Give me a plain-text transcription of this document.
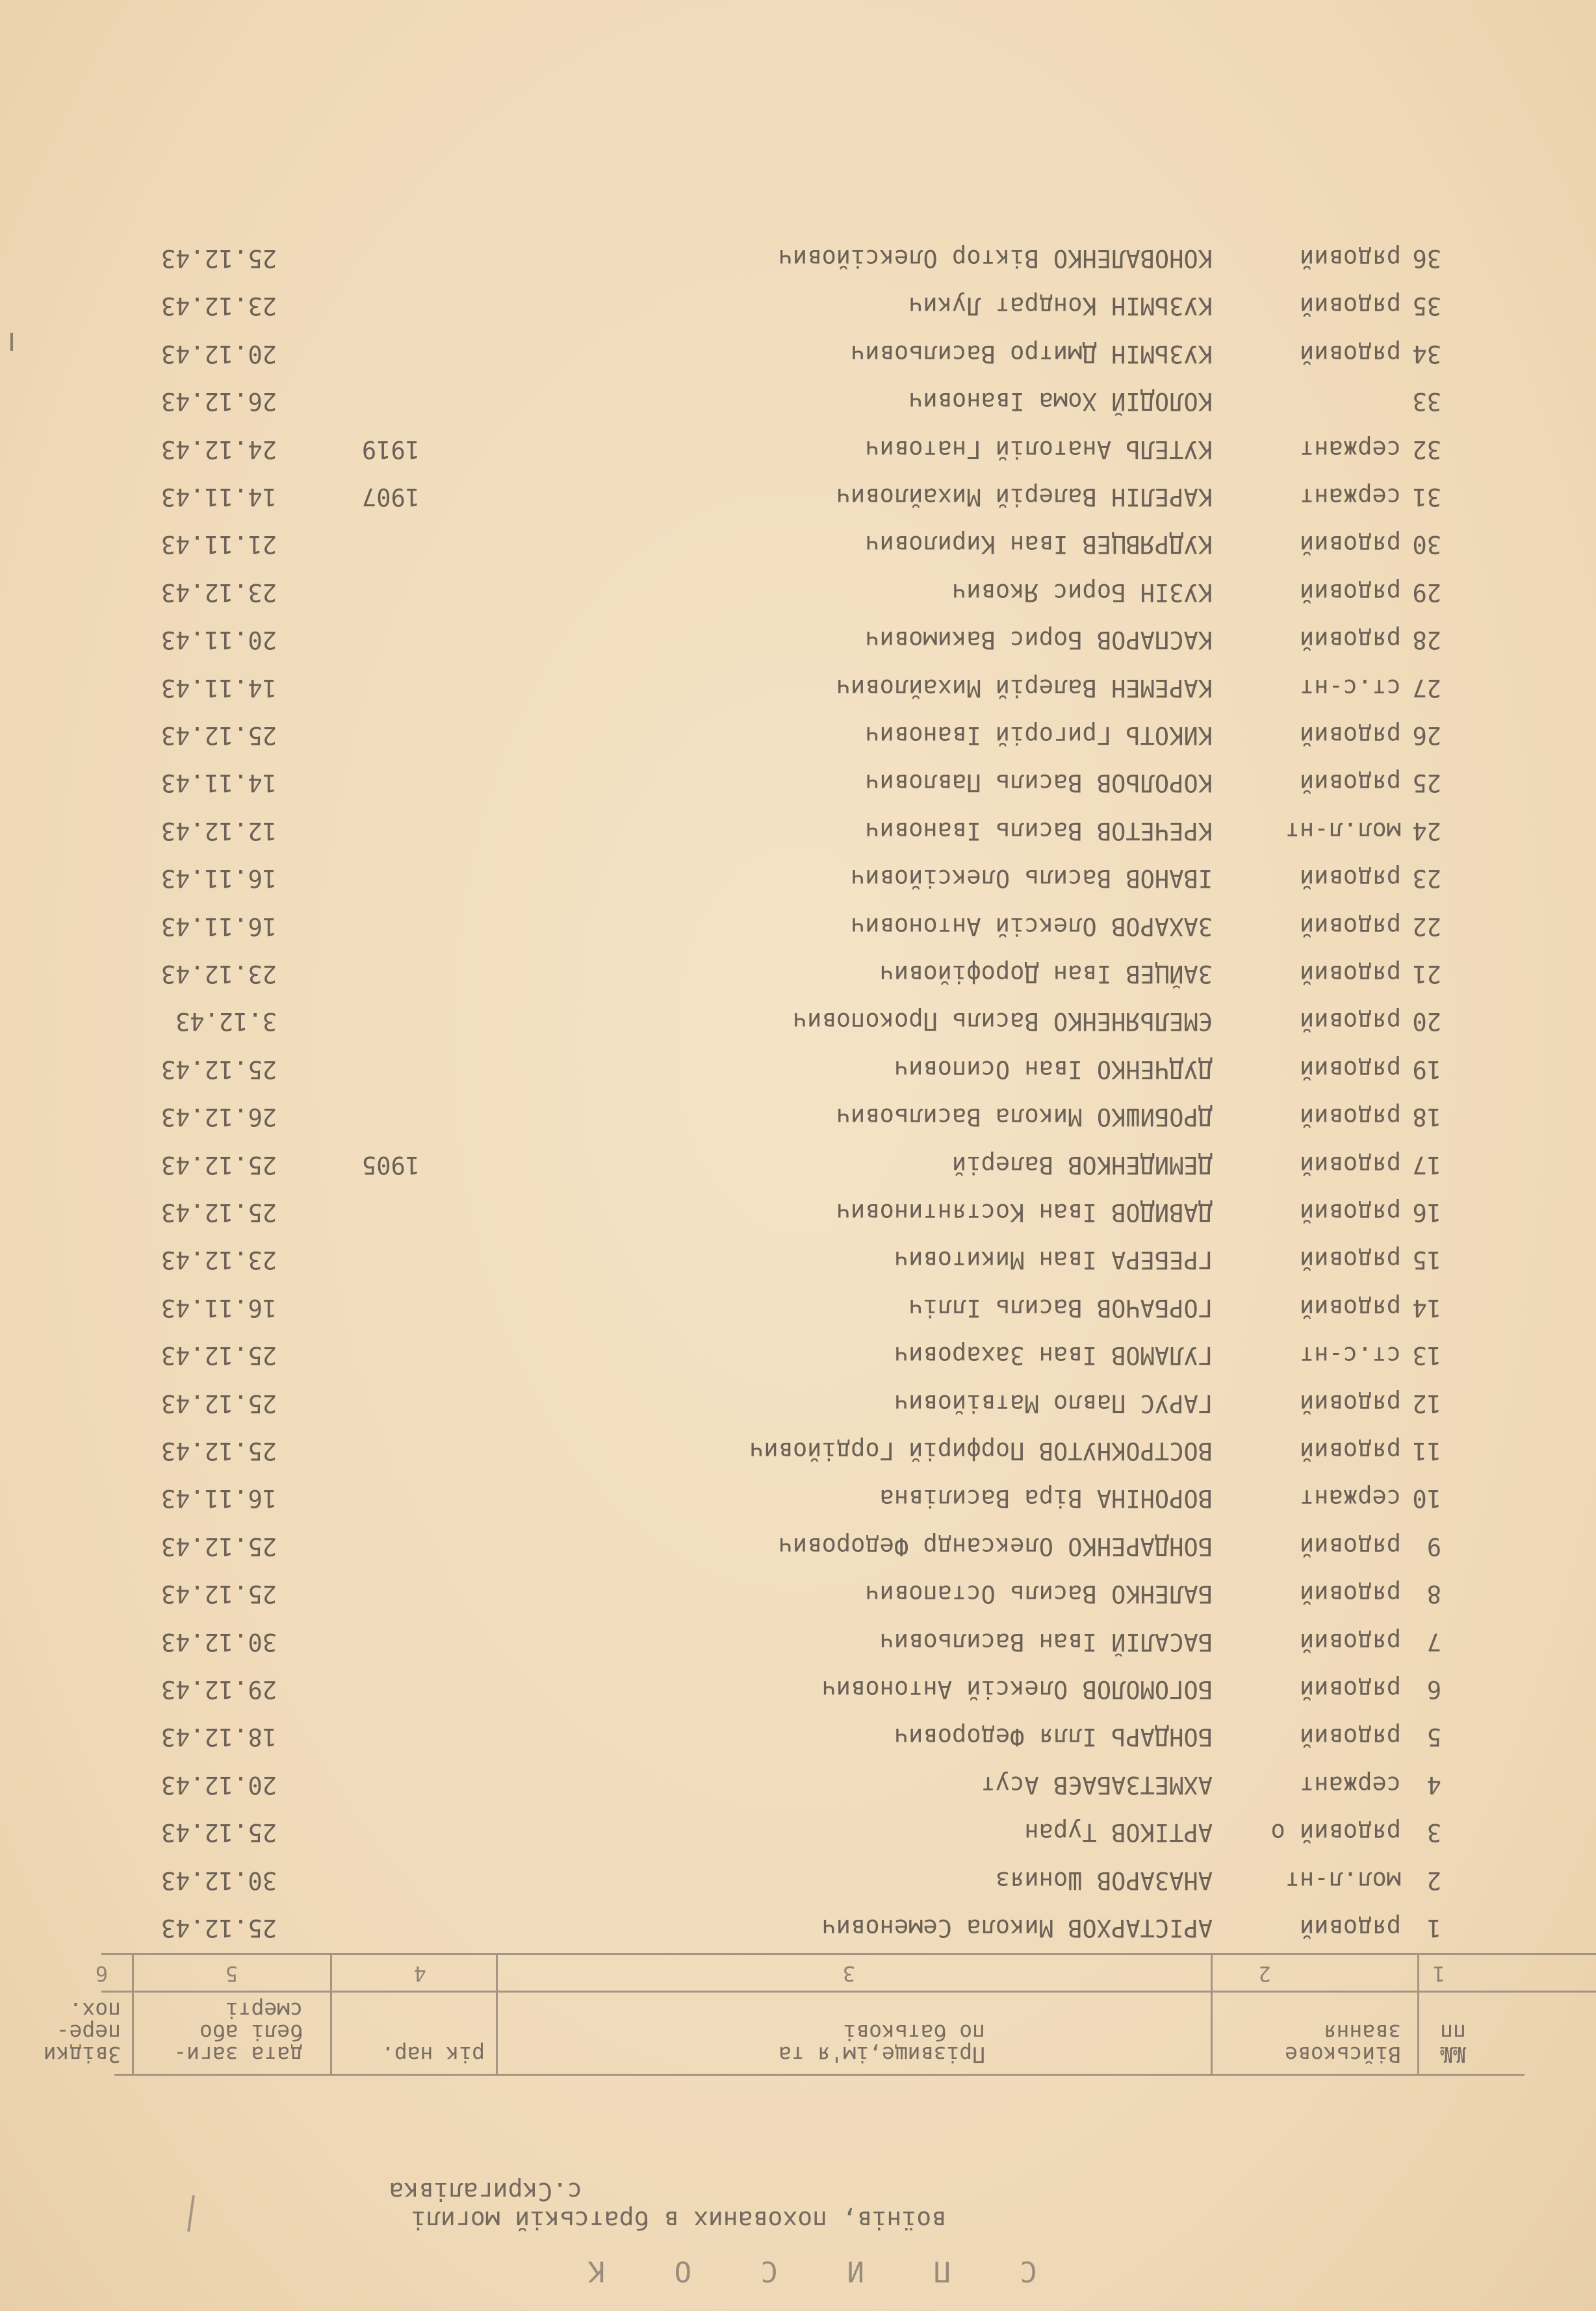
С П И С О К
воїнів, похованих в братській могилі
с.Скригалівка
№№
пп
Військове
звання
Прізвище,ім'я та
по батькові
рік нар.
дата заги-
белі або
смерті
Звідки
пере-
пох.
1
2
3
4
5
6
1
рядовий
АРІСТАРХОВ Микола Семенович
25.12.43
2
мол.л-нт
АНАЗАРОВ Шонияз
30.12.43
3
рядовий о
АРТІКОВ Туран
25.12.43
4
сержант
АХМЕТЗАБАЄВ Асут
20.12.43
5
рядовий
БОНДАРЬ Ілля Федорович
18.12.43
6
рядовий
БОГОМОЛОВ Олексій Антонович
29.12.43
7
рядовий
БАСАЛІЙ Іван Васильович
30.12.43
8
рядовий
БАЛЕНКО Василь Остапович
25.12.43
9
рядовий
БОНДАРЕНКО Олександр Федорович
25.12.43
10
сержант
ВОРОНІНА Віра Василівна
16.11.43
11
рядовий
ВОСТРОКНУТОВ Порфирій Гордійович
25.12.43
12
рядовий
ГАРУС Павло Матвійович
25.12.43
13
ст.с-нт
ГУЛАМОВ Іван Захарович
25.12.43
14
рядовий
ГОРБАЧОВ Василь Ілліч
16.11.43
15
рядовий
ГРЕБЕРА Іван Микитович
23.12.43
16
рядовий
ДАВИДОВ Іван Костянтинович
25.12.43
17
рядовий
ДЕМИДЕНКОВ Валерій
1905
25.12.43
18
рядовий
ДРОБИШКО Микола Васильович
26.12.43
19
рядовий
ДУДЧЕНКО Іван Осипович
25.12.43
20
рядовий
ЄМЕЛЬЯНЕНКО Василь Прокопович
3.12.43
21
рядовий
ЗАЙЦЕВ Іван Дорофійович
23.12.43
22
рядовий
ЗАХАРОВ Олексій Антонович
16.11.43
23
рядовий
ІВАНОВ Василь Олексійович
16.11.43
24
мол.л-нт
КРЕЧЕТОВ Василь Іванович
12.12.43
25
рядовий
КОРОЛЬОВ Василь Павлович
14.11.43
26
рядовий
КИКОТЬ Григорій Іванович
25.12.43
27
ст.с-нт
КАРЕМЕН Валерій Михайлович
14.11.43
28
рядовий
КАСПАРОВ Борис Вакимович
20.11.43
29
рядовий
КУЗІН Борис Якович
23.12.43
30
рядовий
КУДРЯВЦЕВ Іван Кирилович
21.11.43
31
сержант
КАРЕЛІН Валерій Михайлович
1907
14.11.43
32
сержант
КУТЕЛЬ Анатолій Гнатович
1919
24.12.43
33
КОЛОДІЙ Хома Іванович
26.12.43
34
рядовий
КУЗЬМІН Дмитро Васильович
20.12.43
35
рядовий
КУЗЬМІН Кондрат Лукич
23.12.43
36
рядовий
КОНОВАЛЕНКО Віктор Олексійович
25.12.43
